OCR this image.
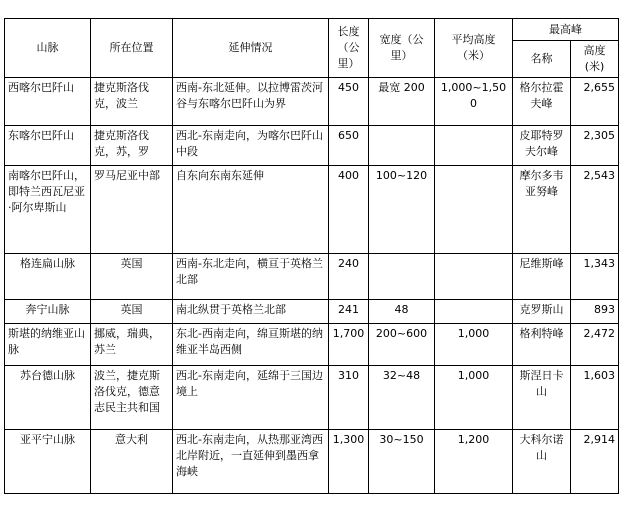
山脉	所在位置	延伸情况	长度（公里）	宽度（公里）	平均高度（米）	最高峰	
						名称	高度(米)
西喀尔巴阡山	捷克斯洛伐克，波兰	西南-东北延伸。以拉博雷茨河谷与东喀尔巴阡山为界	450	最宽 200	1,000~1,500	格尔拉霍夫峰	2,655
东喀尔巴阡山	捷克斯洛伐克，苏，罗	西北-东南走向，为喀尔巴阡山中段	650			皮耶特罗夫尔峰	2,305
南喀尔巴阡山，即特兰西瓦尼亚·阿尔卑斯山	罗马尼亚中部	自东向东南东延伸	400	100~120		摩尔多韦亚努峰	2,543
格连扁山脉	英国	西南-东北走向，横亘于英格兰北部	240			尼维斯峰	1,343
奔宁山脉	英国	南北纵贯于英格兰北部	241	48		克罗斯山	893
斯堪的纳维亚山脉	挪威，瑞典，苏兰	东北-西南走向，绵亘斯堪的纳维亚半岛西侧	1,700	200~600	1,000	格利特峰	2,472
苏台德山脉	波兰，捷克斯洛伐克，德意志民主共和国	西北-东南走向，延绵于三国边境上	310	32~48	1,000	斯涅日卡山	1,603
亚平宁山脉	意大利	西北-东南走向，从热那亚湾西北岸附近，一直延伸到墨西拿海峡	1,300	30~150	1,200	大科尔诺山	2,914
